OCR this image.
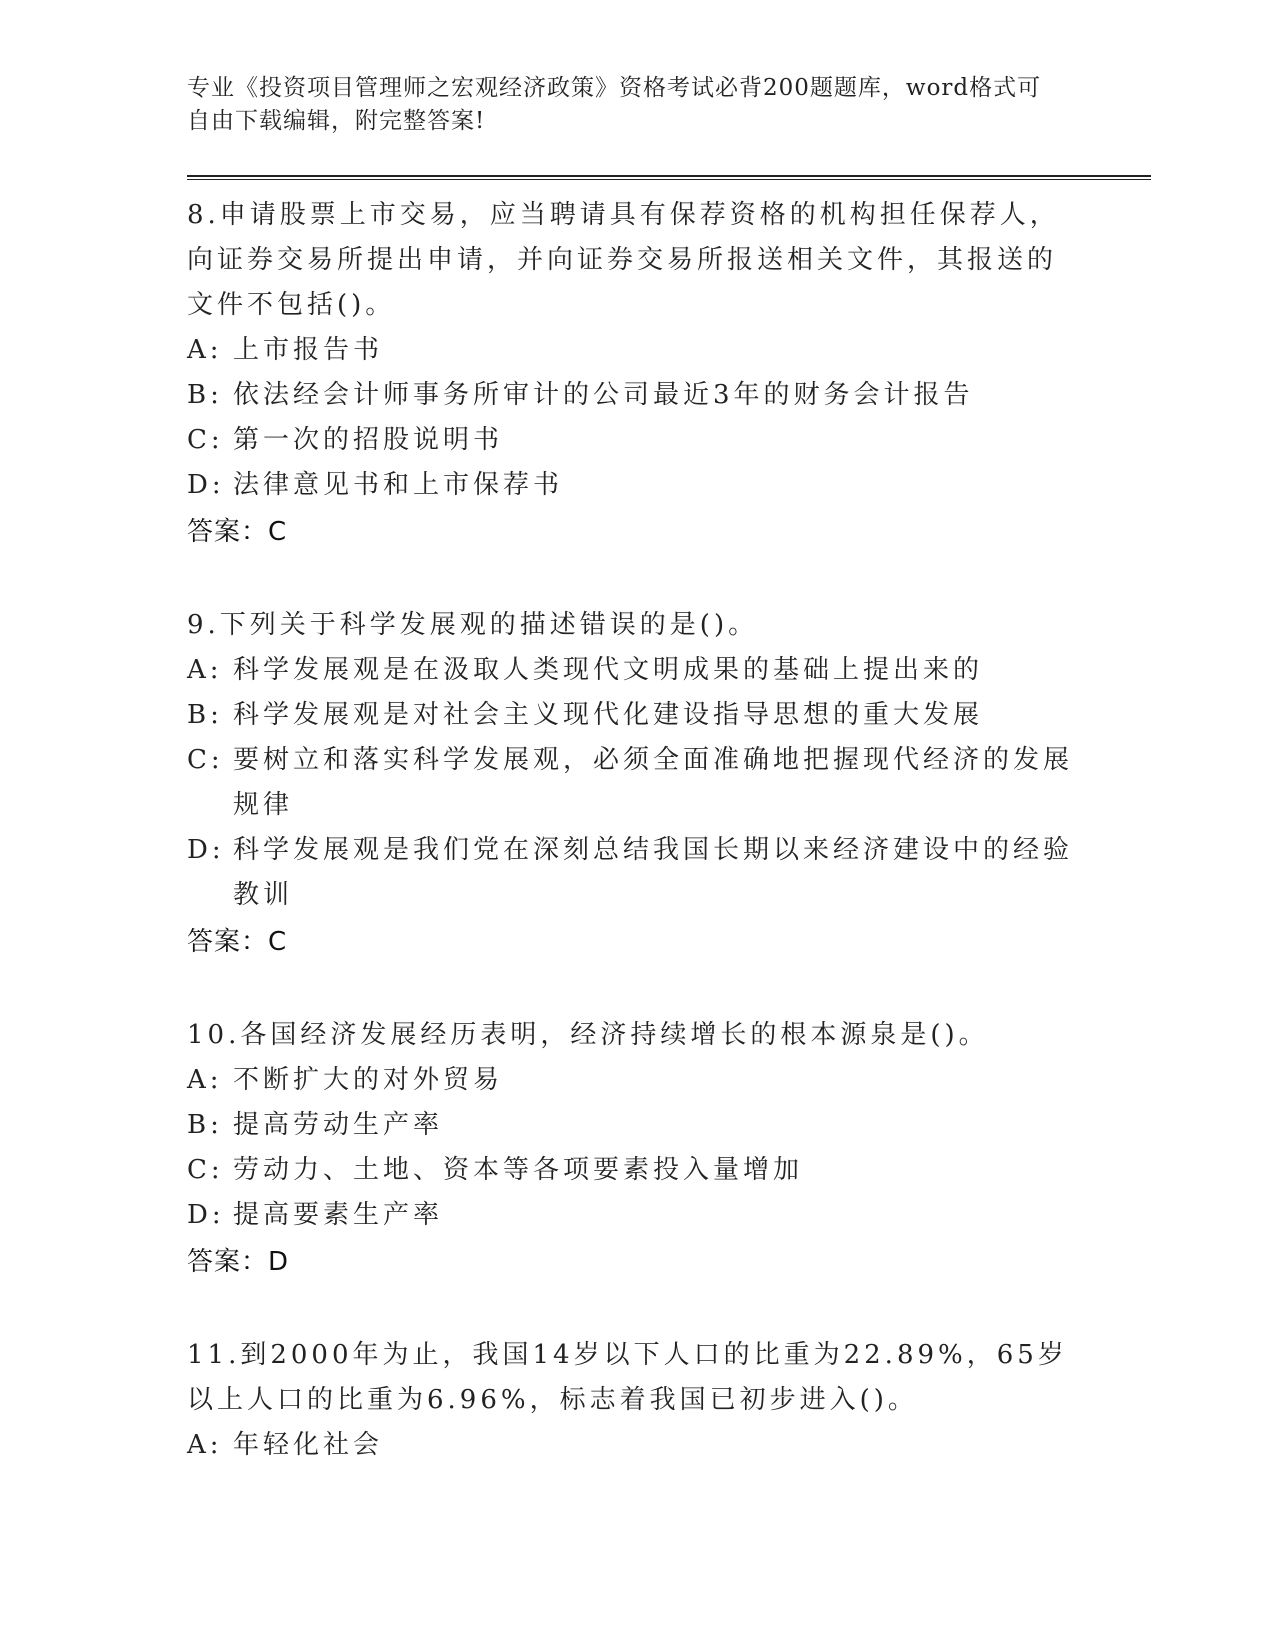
专业《投资项目管理师之宏观经济政策》资格考试必背200题题库，word格式可
自由下载编辑，附完整答案!

8.申请股票上市交易，应当聘请具有保荐资格的机构担任保荐人，向证券交易所提出申请，并向证券交易所报送相关文件，其报送的文件不包括()。

A: 上市报告书
B: 依法经会计师事务所审计的公司最近3年的财务会计报告
C: 第一次的招股说明书
D: 法律意见书和上市保荐书

答案：C

9.下列关于科学发展观的描述错误的是()。

A: 科学发展观是在汲取人类现代文明成果的基础上提出来的
B: 科学发展观是对社会主义现代化建设指导思想的重大发展
C: 要树立和落实科学发展观，必须全面准确地把握现代经济的发展规律
D: 科学发展观是我们党在深刻总结我国长期以来经济建设中的经验教训

答案：C

10.各国经济发展经历表明，经济持续增长的根本源泉是()。

A: 不断扩大的对外贸易
B: 提高劳动生产率
C: 劳动力、土地、资本等各项要素投入量增加
D: 提高要素生产率

答案：D

11.到2000年为止，我国14岁以下人口的比重为22.89%，65岁以上人口的比重为6.96%，标志着我国已初步进入()。

A: 年轻化社会
